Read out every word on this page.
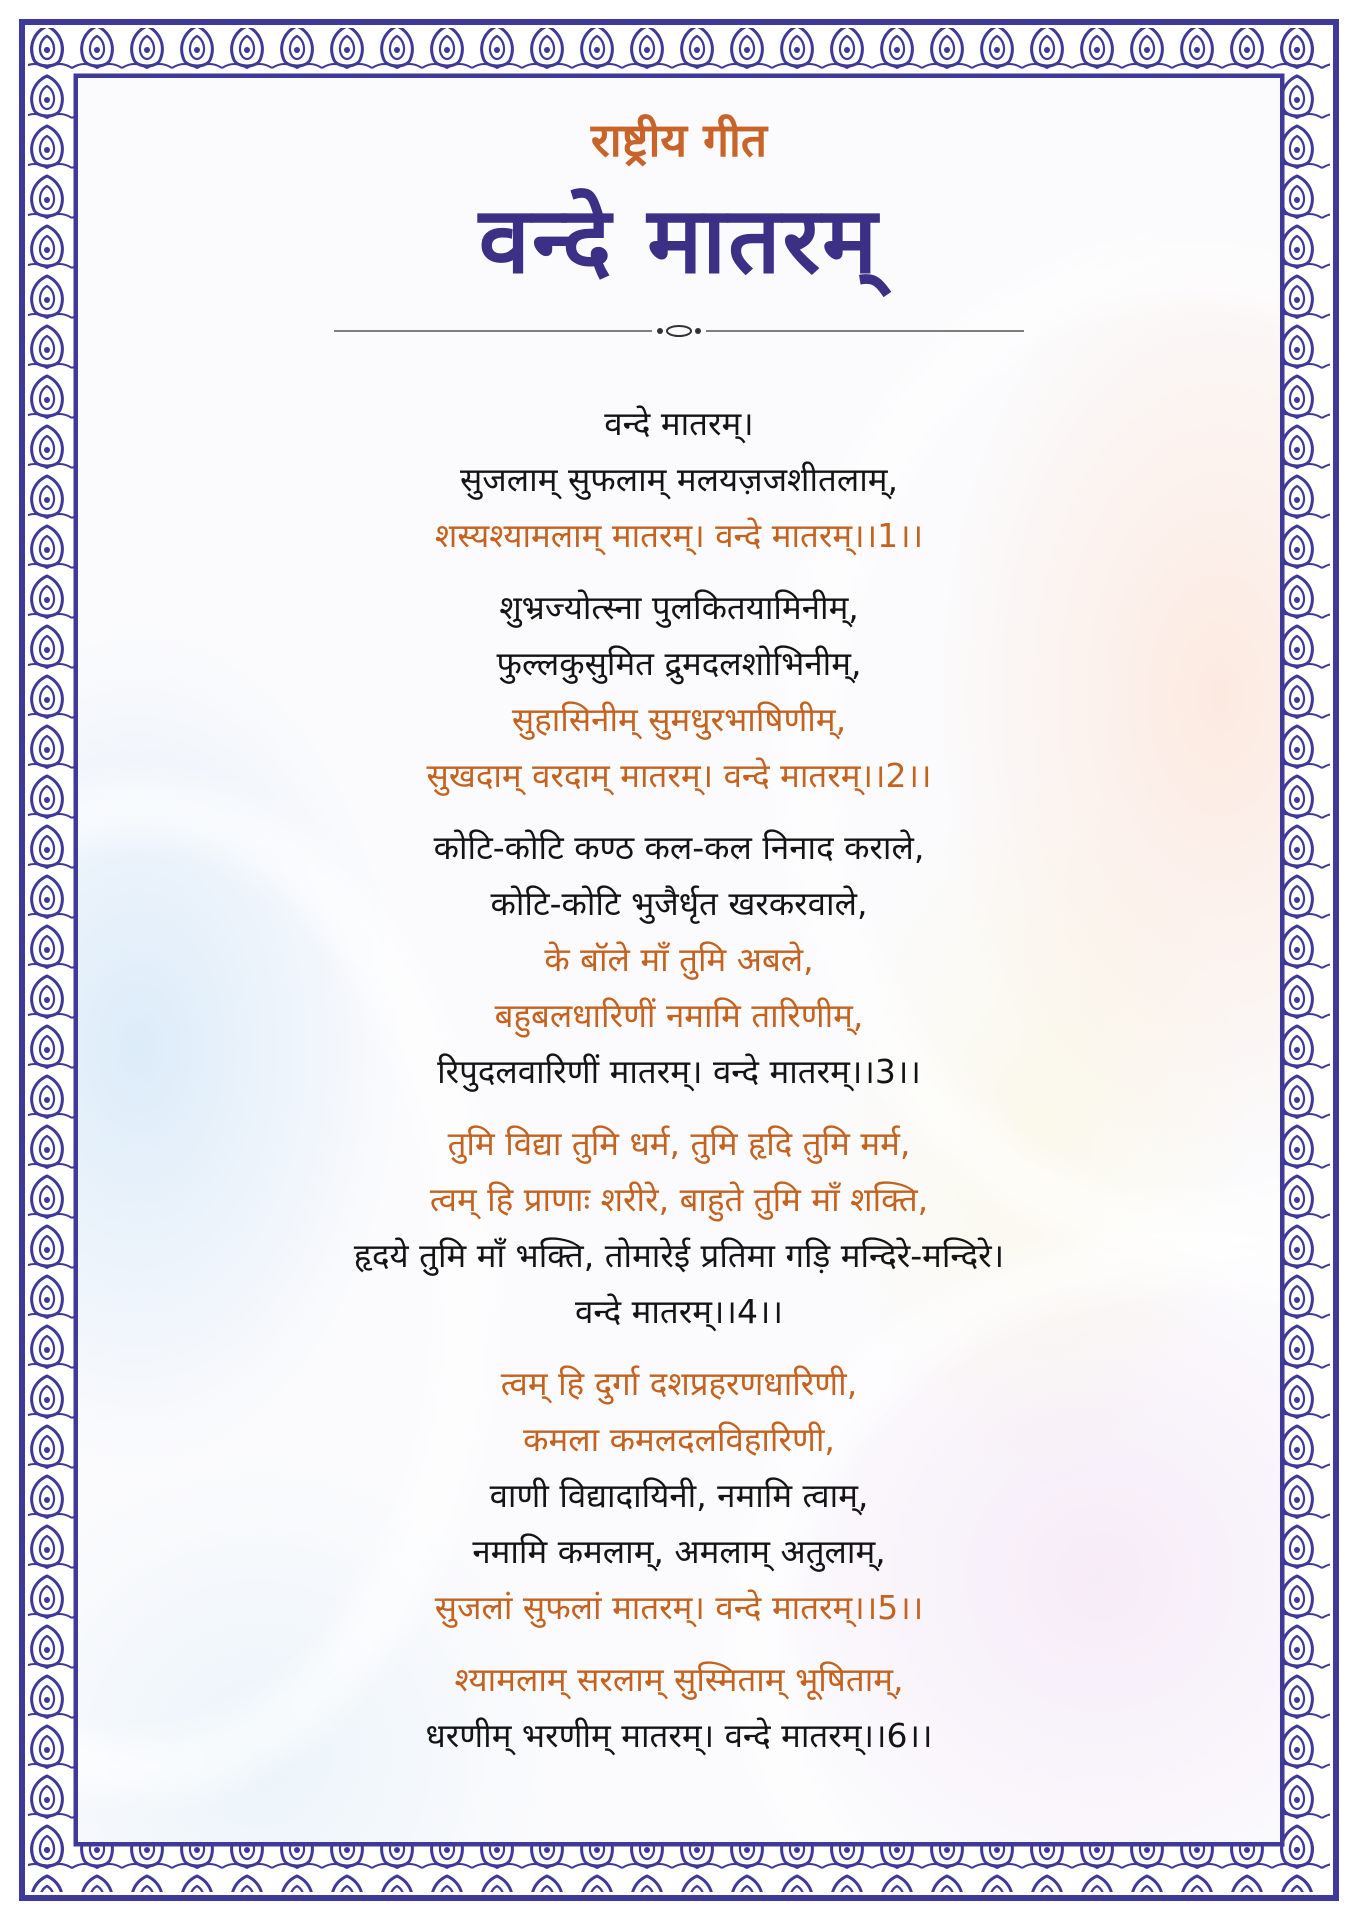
राष्ट्रीय गीत
वन्दे मातरम्
वन्दे मातरम्।
सुजलाम् सुफलाम् मलयज़जशीतलाम्,
शस्यश्यामलाम् मातरम्। वन्दे मातरम्।।1।।
शुभ्रज्योत्स्ना पुलकितयामिनीम्,
फुल्लकुसुमित द्रुमदलशोभिनीम्,
सुहासिनीम् सुमधुरभाषिणीम्,
सुखदाम् वरदाम् मातरम्। वन्दे मातरम्।।2।।
कोटि-कोटि कण्ठ कल-कल निनाद कराले,
कोटि-कोटि भुजैर्धृत खरकरवाले,
के बॉले माँ तुमि अबले,
बहुबलधारिणीं नमामि तारिणीम्,
रिपुदलवारिणीं मातरम्। वन्दे मातरम्।।3।।
तुमि विद्या तुमि धर्म, तुमि हृदि तुमि मर्म,
त्वम् हि प्राणाः शरीरे, बाहुते तुमि माँ शक्ति,
हृदये तुमि माँ भक्ति, तोमारेई प्रतिमा गड़ि मन्दिरे-मन्दिरे।
वन्दे मातरम्।।4।।
त्वम् हि दुर्गा दशप्रहरणधारिणी,
कमला कमलदलविहारिणी,
वाणी विद्यादायिनी, नमामि त्वाम्,
नमामि कमलाम्, अमलाम् अतुलाम्,
सुजलां सुफलां मातरम्। वन्दे मातरम्।।5।।
श्यामलाम् सरलाम् सुस्मिताम् भूषिताम्,
धरणीम् भरणीम् मातरम्। वन्दे मातरम्।।6।।
